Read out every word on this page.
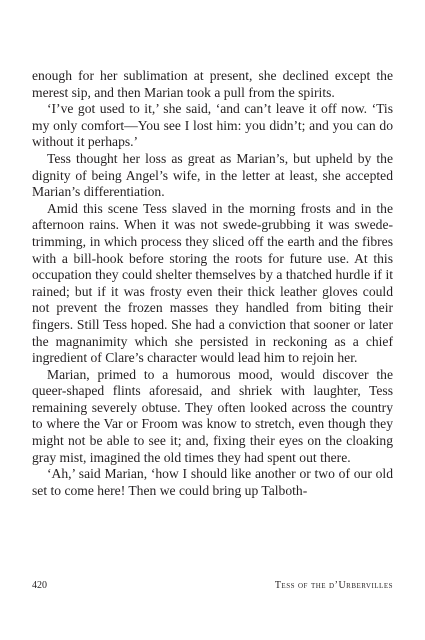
enough for her sublimation at present, she declined except the merest sip, and then Marian took a pull from the spirits.

‘I’ve got used to it,’ she said, ‘and can’t leave it off now. ‘Tis my only comfort—You see I lost him: you didn’t; and you can do without it perhaps.’

Tess thought her loss as great as Marian’s, but upheld by the dignity of being Angel’s wife, in the letter at least, she accepted Marian’s differentiation.

Amid this scene Tess slaved in the morning frosts and in the afternoon rains. When it was not swede-grubbing it was swede-trimming, in which process they sliced off the earth and the fibres with a bill-hook before storing the roots for future use. At this occupation they could shelter themselves by a thatched hurdle if it rained; but if it was frosty even their thick leather gloves could not prevent the frozen masses they handled from biting their fingers. Still Tess hoped. She had a conviction that sooner or later the magnanimity which she persisted in reckoning as a chief ingredient of Clare’s character would lead him to rejoin her.

Marian, primed to a humorous mood, would discover the queer-shaped flints aforesaid, and shriek with laughter, Tess remaining severely obtuse. They often looked across the country to where the Var or Froom was know to stretch, even though they might not be able to see it; and, fixing their eyes on the cloaking gray mist, imagined the old times they had spent out there.

‘Ah,’ said Marian, ‘how I should like another or two of our old set to come here! Then we could bring up Talboth-

420	Tess of the d’Urbervilles
